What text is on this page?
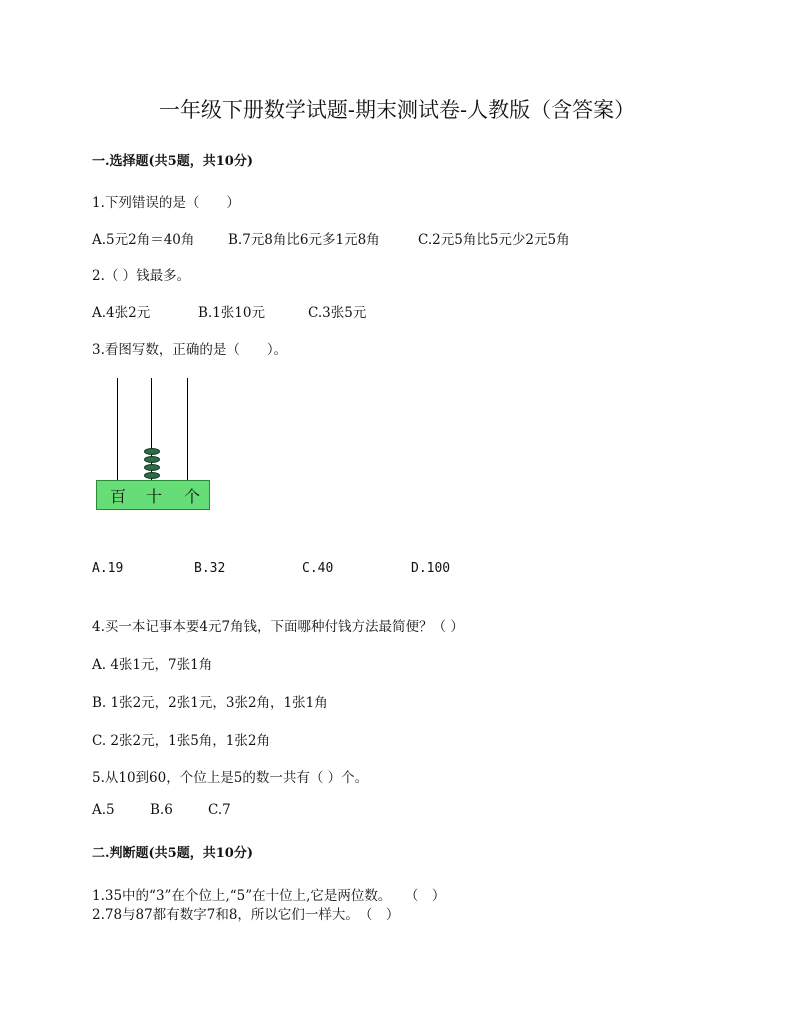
一年级下册数学试题-期末测试卷-人教版（含答案）
一.选择题(共5题，共10分)
1.下列错误的是（　　）
A.5元2角＝40角 B.7元8角比6元多1元8角	C.2元5角比5元少2元5角
2.（ ）钱最多。
A.4张2元	B.1张10元	C.3张5元
3.看图写数，正确的是（　　）。
百 十 个
A.19	B.32	C.40	D.100
4.买一本记事本要4元7角钱，下面哪种付钱方法最简便？（ ）
A. 4张1元，7张1角
B. 1张2元，2张1元，3张2角，1张1角
C. 2张2元，1张5角，1张2角
5.从10到60，个位上是5的数一共有（ ）个。
A.5	B.6	C.7
二.判断题(共5题，共10分)
1.35中的“3”在个位上,“5”在十位上,它是两位数。　　（　）
2.78与87都有数字7和8，所以它们一样大。　（　）
